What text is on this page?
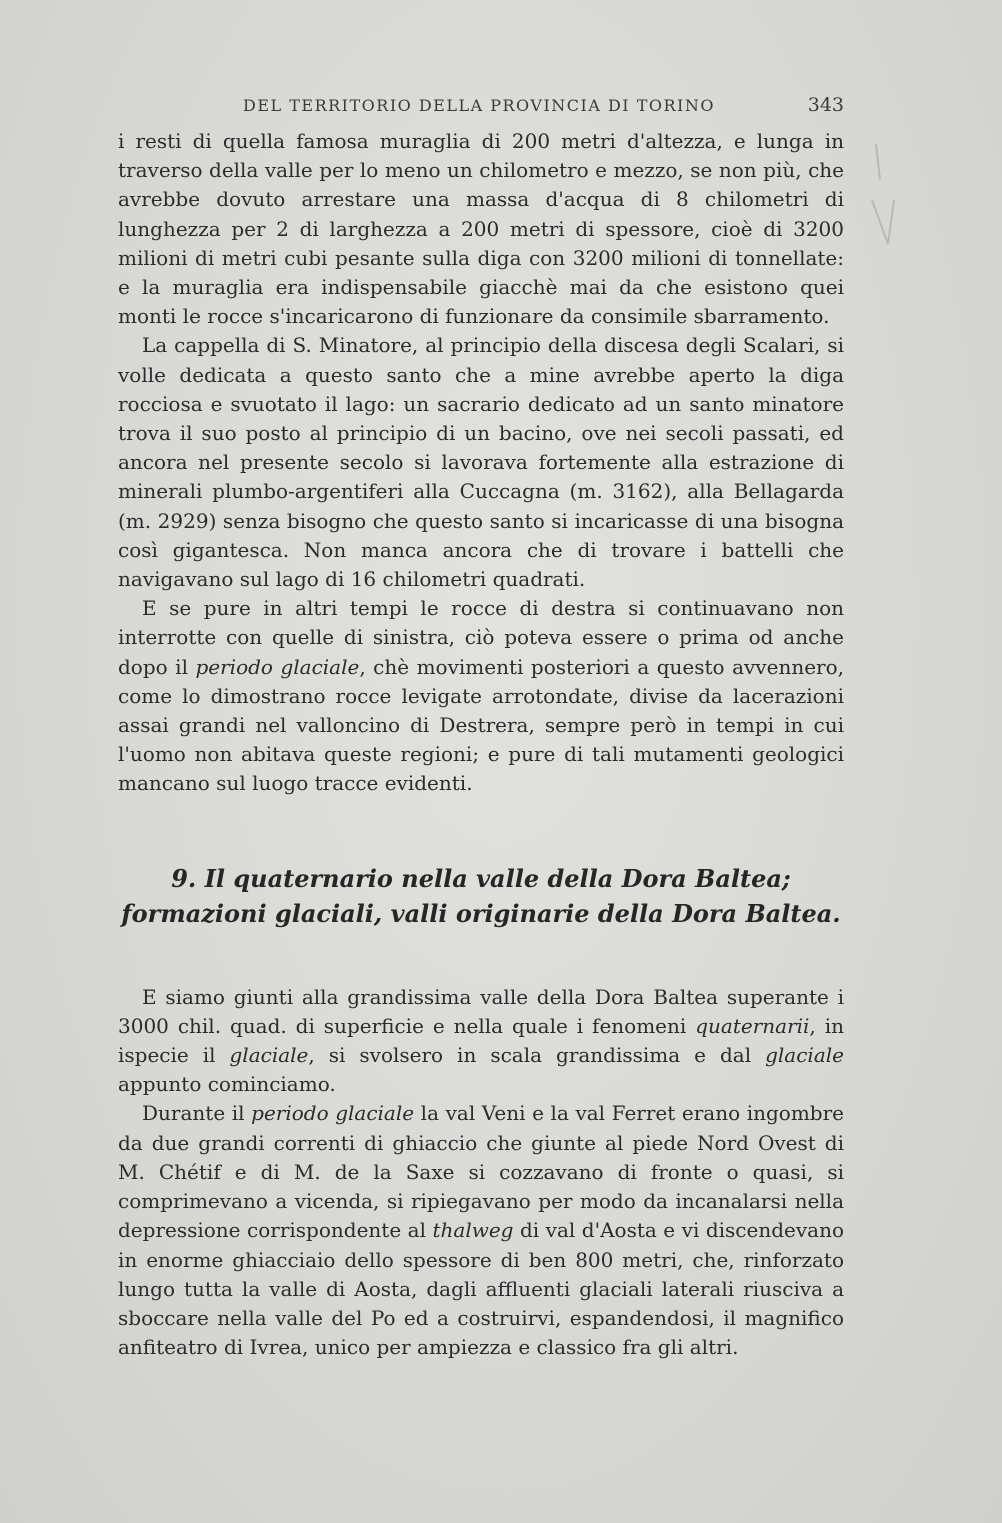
DEL TERRITORIO DELLA PROVINCIA DI TORINO	343

i resti di quella famosa muraglia di 200 metri d'altezza, e lunga in traverso della valle per lo meno un chilometro e mezzo, se non più, che avrebbe dovuto arrestare una massa d'acqua di 8 chilometri di lunghezza per 2 di larghezza a 200 metri di spessore, cioè di 3200 milioni di metri cubi pesante sulla diga con 3200 milioni di tonnellate: e la muraglia era indispensabile giacchè mai da che esistono quei monti le rocce s'incaricarono di funzionare da consimile sbarramento.

La cappella di S. Minatore, al principio della discesa degli Scalari, si volle dedicata a questo santo che a mine avrebbe aperto la diga rocciosa e svuotato il lago: un sacrario dedicato ad un santo minatore trova il suo posto al principio di un bacino, ove nei secoli passati, ed ancora nel presente secolo si lavorava fortemente alla estrazione di minerali plumbo-argentiferi alla Cuccagna (m. 3162), alla Bellagarda (m. 2929) senza bisogno che questo santo si incaricasse di una bisogna così gigantesca. Non manca ancora che di trovare i battelli che navigavano sul lago di 16 chilometri quadrati.

E se pure in altri tempi le rocce di destra si continuavano non interrotte con quelle di sinistra, ciò poteva essere o prima od anche dopo il periodo glaciale, chè movimenti posteriori a questo avvennero, come lo dimostrano rocce levigate arrotondate, divise da lacerazioni assai grandi nel valloncino di Destrera, sempre però in tempi in cui l'uomo non abitava queste regioni; e pure di tali mutamenti geologici mancano sul luogo tracce evidenti.

9. Il quaternario nella valle della Dora Baltea;
formazioni glaciali, valli originarie della Dora Baltea.

E siamo giunti alla grandissima valle della Dora Baltea superante i 3000 chil. quad. di superficie e nella quale i fenomeni quaternarii, in ispecie il glaciale, si svolsero in scala grandissima e dal glaciale appunto cominciamo.

Durante il periodo glaciale la val Veni e la val Ferret erano ingombre da due grandi correnti di ghiaccio che giunte al piede Nord Ovest di M. Chétif e di M. de la Saxe si cozzavano di fronte o quasi, si comprimevano a vicenda, si ripiegavano per modo da incanalarsi nella depressione corrispondente al thalweg di val d'Aosta e vi discendevano in enorme ghiacciaio dello spessore di ben 800 metri, che, rinforzato lungo tutta la valle di Aosta, dagli affluenti glaciali laterali riusciva a sboccare nella valle del Po ed a costruirvi, espandendosi, il magnifico anfiteatro di Ivrea, unico per ampiezza e classico fra gli altri.
